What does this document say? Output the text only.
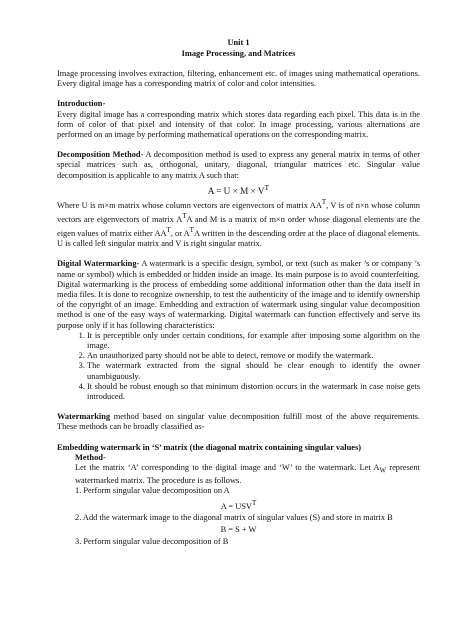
Unit 1
Image Processing, and Matrices

Image processing involves extraction, filtering, enhancement etc. of images using mathematical operations. Every digital image has a corresponding matrix of color and color intensities.

Introduction-

Every digital image has a corresponding matrix which stores data regarding each pixel. This data is in the form of color of that pixel and intensity of that color. In image processing, various alternations are performed on an image by performing mathematical operations on the corresponding matrix.

Decomposition Method- A decomposition method is used to express any general matrix in terms of other special matrices such as, orthogonal, unitary, diagonal, triangular matrices etc. Singular value decomposition is applicable to any matrix A such that:

$A = U \times M \times V^T$

Where U is m×m matrix whose column vectors are eigenvectors of matrix $AA^T$, V is of n×n whose column vectors are eigenvectors of matrix $A^TA$ and M is a matrix of m×n order whose diagonal elements are the eigen values of matrix either $AA^T$, or $A^TA$ written in the descending order at the place of diagonal elements. U is called left singular matrix and V is right singular matrix.

Digital Watermarking- A watermark is a specific design, symbol, or text (such as maker ’s or company ’s name or symbol) which is embedded or hidden inside an image. Its main purpose is to avoid counterfeiting. Digital watermarking is the process of embedding some additional information other than the data itself in media files. It is done to recognize ownership, to test the authenticity of the image and to identify ownership of the copyright of an image. Embedding and extraction of watermark using singular value decomposition method is one of the easy ways of watermarking. Digital watermark can function effectively and serve its purpose only if it has following characteristics:

1. It is perceptible only under certain conditions, for example after imposing some algorithm on the image.
2. An unauthorized party should not be able to detect, remove or modify the watermark.
3. The watermark extracted from the signal should be clear enough to identify the owner unambiguously.
4. It should be robust enough so that minimum distortion occurs in the watermark in case noise gets introduced.

Watermarking method based on singular value decomposition fulfill most of the above requirements. These methods can be broadly classified as-

Embedding watermark in ‘S’ matrix (the diagonal matrix containing singular values)
Method-

Let the matrix ‘A’ corresponding to the digital image and ‘W’ to the watermark. Let $A_W$ represent watermarked matrix. The procedure is as follows.

1. Perform singular value decomposition on A
$A = USV^T$

2. Add the watermark image to the diagonal matrix of singular values (S) and store in matrix B

B = S + W
3. Perform singular value decomposition of B
